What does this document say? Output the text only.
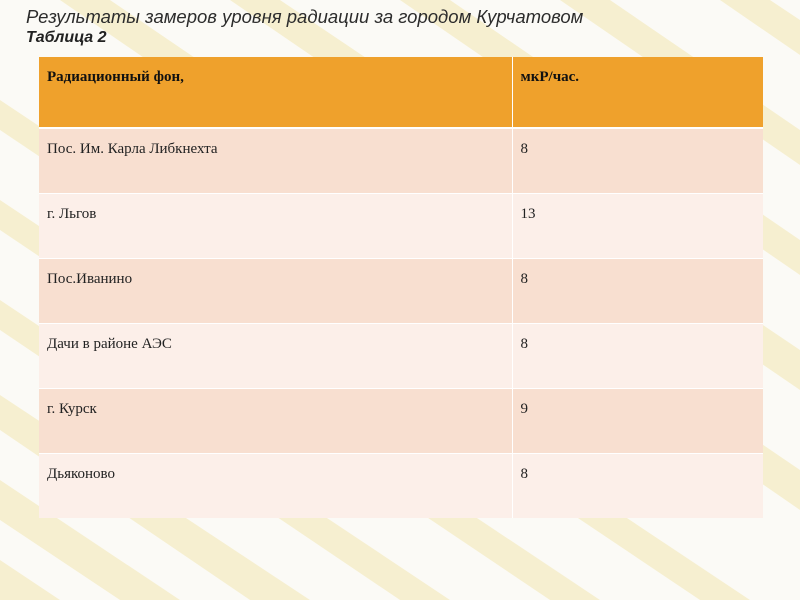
Результаты замеров уровня радиации за городом Курчатовом
Таблица 2
Радиационный фон,	мкР/час.
Пос. Им. Карла Либкнехта	8
г. Льгов	13
Пос.Иванино	8
Дачи в районе АЭС	8
г. Курск	9
Дьяконово	8
